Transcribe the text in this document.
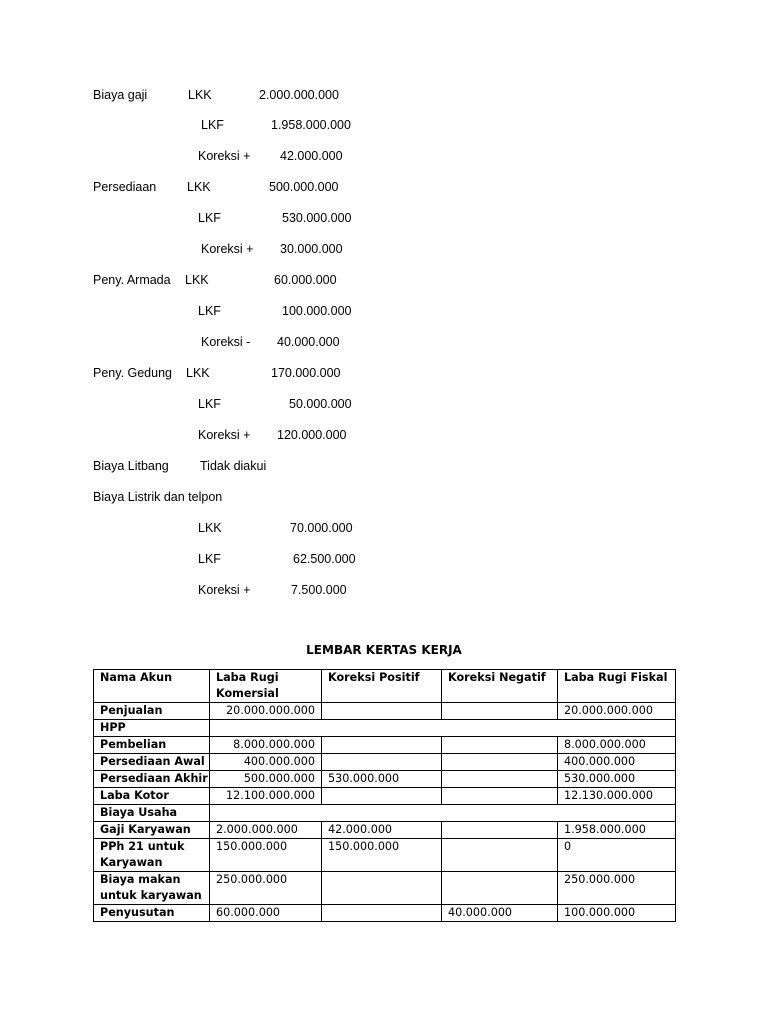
Biaya gaji	LKK	2.000.000.000
LKF	1.958.000.000
Koreksi + 42.000.000
Persediaan LKK	500.000.000
LKF	530.000.000
Koreksi + 30.000.000
Peny. Armada LKK	60.000.000
LKF	100.000.000
Koreksi - 40.000.000
Peny. Gedung LKK	170.000.000
LKF	50.000.000
Koreksi + 120.000.000
Biaya Litbang Tidak diakui
Biaya Listrik dan telpon
LKK	70.000.000
LKF	62.500.000
Koreksi +	7.500.000
LEMBAR KERTAS KERJA
Nama Akun	Laba Rugi Komersial	Koreksi Positif	Koreksi Negatif	Laba Rugi Fiskal
Penjualan	20.000.000.000			20.000.000.000
HPP				
Pembelian	8.000.000.000			8.000.000.000
Persediaan Awal	400.000.000			400.000.000
Persediaan Akhir	500.000.000	530.000.000		530.000.000
Laba Kotor	12.100.000.000			12.130.000.000
Biaya Usaha				
Gaji Karyawan	2.000.000.000	42.000.000		1.958.000.000
PPh 21 untuk Karyawan	150.000.000	150.000.000		0
Biaya makan untuk karyawan	250.000.000			250.000.000
Penyusutan	60.000.000		40.000.000	100.000.000
